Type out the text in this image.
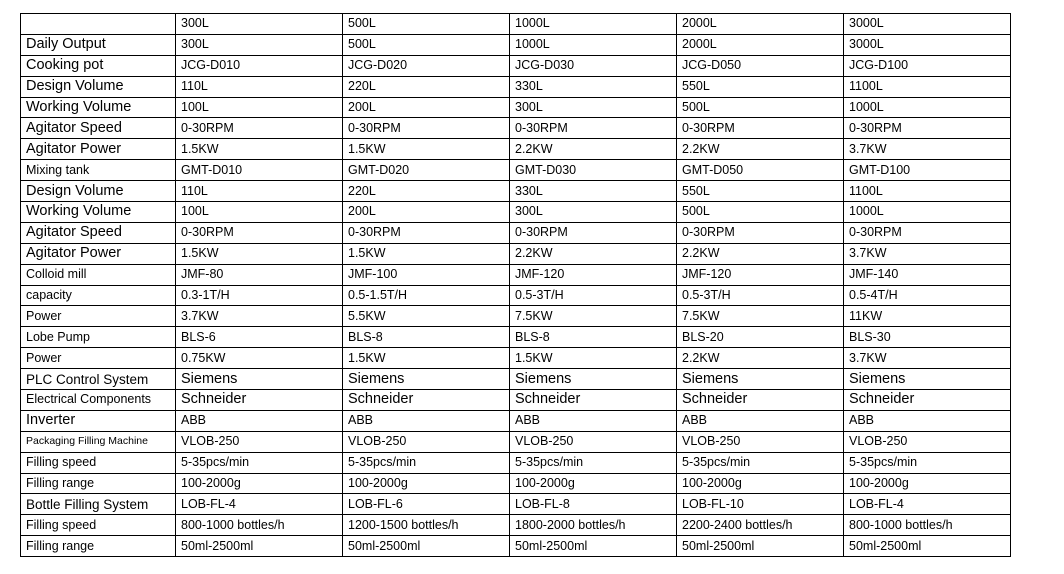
	300L	500L	1000L	2000L	3000L
Daily Output	300L	500L	1000L	2000L	3000L
Cooking pot	JCG-D010	JCG-D020	JCG-D030	JCG-D050	JCG-D100
Design Volume	110L	220L	330L	550L	1100L
Working Volume	100L	200L	300L	500L	1000L
Agitator Speed	0-30RPM	0-30RPM	0-30RPM	0-30RPM	0-30RPM
Agitator Power	1.5KW	1.5KW	2.2KW	2.2KW	3.7KW
Mixing tank	GMT-D010	GMT-D020	GMT-D030	GMT-D050	GMT-D100
Design Volume	110L	220L	330L	550L	1100L
Working Volume	100L	200L	300L	500L	1000L
Agitator Speed	0-30RPM	0-30RPM	0-30RPM	0-30RPM	0-30RPM
Agitator Power	1.5KW	1.5KW	2.2KW	2.2KW	3.7KW
Colloid mill	JMF-80	JMF-100	JMF-120	JMF-120	JMF-140
capacity	0.3-1T/H	0.5-1.5T/H	0.5-3T/H	0.5-3T/H	0.5-4T/H
Power	3.7KW	5.5KW	7.5KW	7.5KW	11KW
Lobe Pump	BLS-6	BLS-8	BLS-8	BLS-20	BLS-30
Power	0.75KW	1.5KW	1.5KW	2.2KW	3.7KW
PLC Control System	Siemens	Siemens	Siemens	Siemens	Siemens
Electrical Components	Schneider	Schneider	Schneider	Schneider	Schneider
Inverter	ABB	ABB	ABB	ABB	ABB
Packaging Filling Machine	VLOB-250	VLOB-250	VLOB-250	VLOB-250	VLOB-250
Filling speed	5-35pcs/min	5-35pcs/min	5-35pcs/min	5-35pcs/min	5-35pcs/min
Filling range	100-2000g	100-2000g	100-2000g	100-2000g	100-2000g
Bottle Filling System	LOB-FL-4	LOB-FL-6	LOB-FL-8	LOB-FL-10	LOB-FL-4
Filling speed	800-1000 bottles/h	1200-1500 bottles/h	1800-2000 bottles/h	2200-2400 bottles/h	800-1000 bottles/h
Filling range	50ml-2500ml	50ml-2500ml	50ml-2500ml	50ml-2500ml	50ml-2500ml
